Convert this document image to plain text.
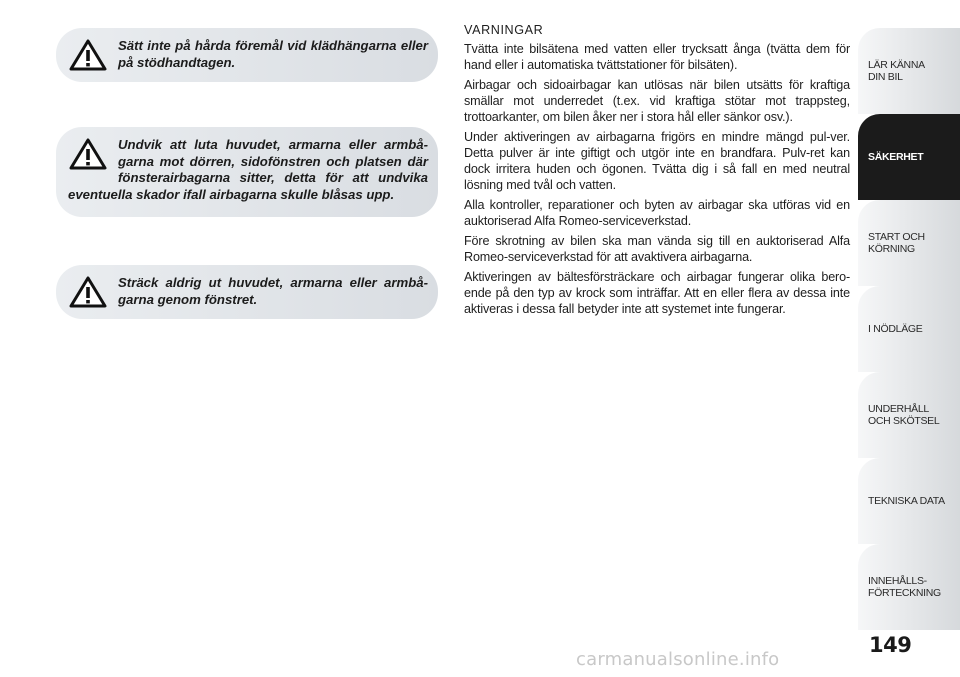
Sätt inte på hårda föremål vid klädhängarna eller på stödhandtagen.
Undvik att luta huvudet, armarna eller armbå-garna mot dörren, sidofönstren och platsen där fönsterairbagarna sitter, detta för att undvika eventuella skador ifall airbagarna skulle blåsas upp.
Sträck aldrig ut huvudet, armarna eller armbå-garna genom fönstret.
VARNINGAR

Tvätta inte bilsätena med vatten eller trycksatt ånga (tvätta dem för hand eller i automatiska tvättstationer för bilsäten).

Airbagar och sidoairbagar kan utlösas när bilen utsätts för kraftiga smällar mot underredet (t.ex. vid kraftiga stötar mot trappsteg, trottoarkanter, om bilen åker ner i stora hål eller sänkor osv.).

Under aktiveringen av airbagarna frigörs en mindre mängd pul-ver. Detta pulver är inte giftigt och utgör inte en brandfara. Pulv-ret kan dock irritera huden och ögonen. Tvätta dig i så fall en med neutral lösning med tvål och vatten.

Alla kontroller, reparationer och byten av airbagar ska utföras vid en auktoriserad Alfa Romeo-serviceverkstad.

Före skrotning av bilen ska man vända sig till en auktoriserad Alfa Romeo-serviceverkstad för att avaktivera airbagarna.

Aktiveringen av bältesförsträckare och airbagar fungerar olika bero-ende på den typ av krock som inträffar. Att en eller flera av dessa inte aktiveras i dessa fall betyder inte att systemet inte fungerar.

LÄR KÄNNA
DIN BIL
SÄKERHET
START OCH
KÖRNING
I NÖDLÄGE
UNDERHÅLL
OCH SKÖTSEL
TEKNISKA DATA
INNEHÅLLS-
FÖRTECKNING
149
carmanualsonline.info
